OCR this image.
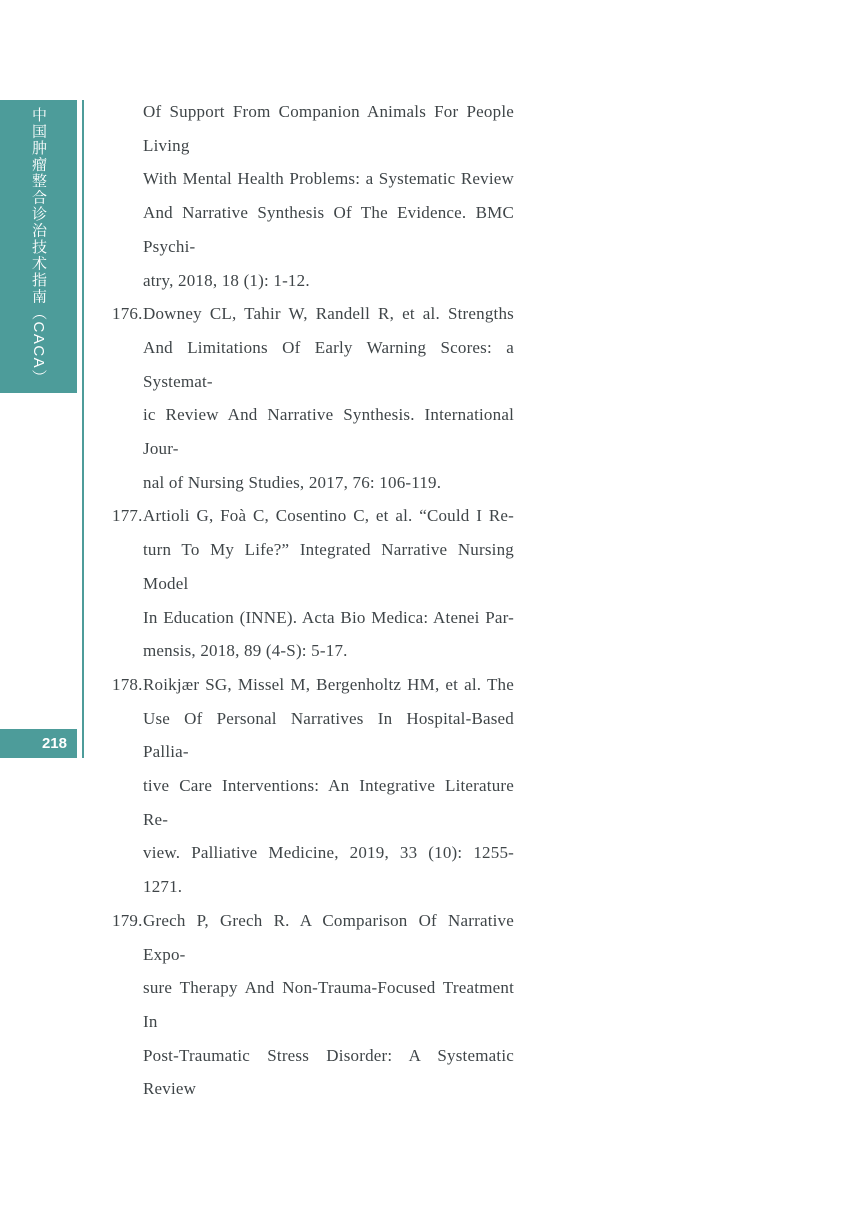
中国肿瘤整合诊治技术指南（CACA）
218
Of Support From Companion Animals For People Living
With Mental Health Problems: a Systematic Review
And Narrative Synthesis Of The Evidence. BMC Psychi-
atry, 2018, 18 (1): 1-12.
176. Downey CL, Tahir W, Randell R, et al. Strengths
And Limitations Of Early Warning Scores: a Systemat-
ic Review And Narrative Synthesis. International Jour-
nal of Nursing Studies, 2017, 76: 106-119.
177. Artioli G, Foà C, Cosentino C, et al. “Could I Re-
turn To My Life?” Integrated Narrative Nursing Model
In Education (INNE). Acta Bio Medica: Atenei Par-
mensis, 2018, 89 (4-S): 5-17.
178. Roikjær SG, Missel M, Bergenholtz HM, et al. The
Use Of Personal Narratives In Hospital-Based Pallia-
tive Care Interventions: An Integrative Literature Re-
view. Palliative Medicine, 2019, 33 (10): 1255-
1271.
179. Grech P, Grech R. A Comparison Of Narrative Expo-
sure Therapy And Non-Trauma-Focused Treatment In
Post-Traumatic Stress Disorder: A Systematic Review
